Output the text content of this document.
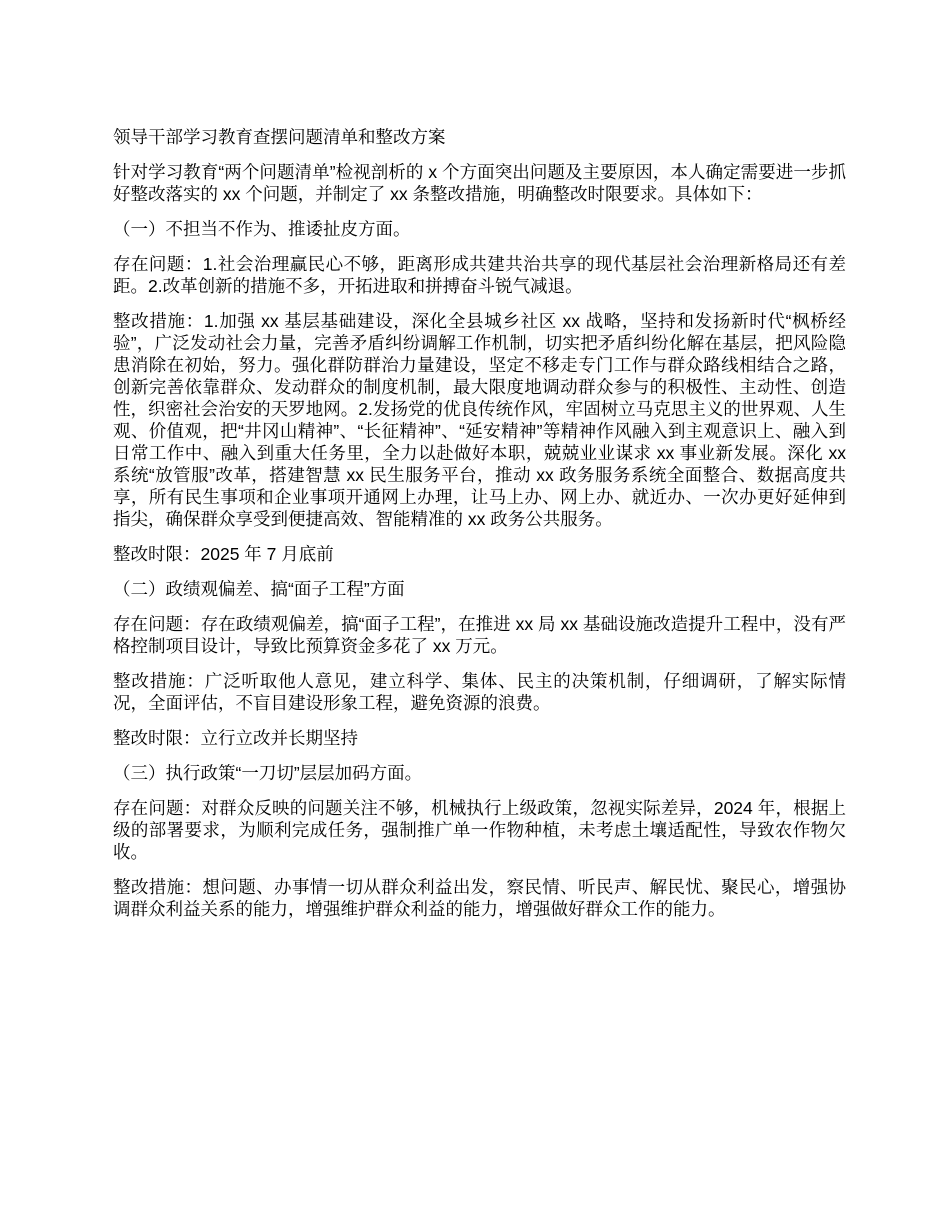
领导干部学习教育查摆问题清单和整改方案

针对学习教育“两个问题清单”检视剖析的 x 个方面突出问题及主要原因，本人确定需要进一步抓好整改落实的 xx 个问题，并制定了 xx 条整改措施，明确整改时限要求。具体如下：

（一）不担当不作为、推诿扯皮方面。

存在问题：1.社会治理赢民心不够，距离形成共建共治共享的现代基层社会治理新格局还有差距。2.改革创新的措施不多，开拓进取和拼搏奋斗锐气减退。

整改措施：1.加强 xx 基层基础建设，深化全县城乡社区 xx 战略，坚持和发扬新时代“枫桥经验”，广泛发动社会力量，完善矛盾纠纷调解工作机制，切实把矛盾纠纷化解在基层，把风险隐患消除在初始，努力。强化群防群治力量建设，坚定不移走专门工作与群众路线相结合之路，创新完善依靠群众、发动群众的制度机制，最大限度地调动群众参与的积极性、主动性、创造性，织密社会治安的天罗地网。2.发扬党的优良传统作风，牢固树立马克思主义的世界观、人生观、价值观，把“井冈山精神”、“长征精神”、“延安精神”等精神作风融入到主观意识上、融入到日常工作中、融入到重大任务里，全力以赴做好本职，兢兢业业谋求 xx 事业新发展。深化 xx 系统“放管服”改革，搭建智慧 xx 民生服务平台，推动 xx 政务服务系统全面整合、数据高度共享，所有民生事项和企业事项开通网上办理，让马上办、网上办、就近办、一次办更好延伸到指尖，确保群众享受到便捷高效、智能精准的 xx 政务公共服务。

整改时限：2025 年 7 月底前

（二）政绩观偏差、搞“面子工程”方面

存在问题：存在政绩观偏差，搞“面子工程”，在推进 xx 局 xx 基础设施改造提升工程中，没有严格控制项目设计，导致比预算资金多花了 xx 万元。

整改措施：广泛听取他人意见，建立科学、集体、民主的决策机制，仔细调研，了解实际情况，全面评估，不盲目建设形象工程，避免资源的浪费。

整改时限：立行立改并长期坚持

（三）执行政策“一刀切”层层加码方面。

存在问题：对群众反映的问题关注不够，机械执行上级政策，忽视实际差异，2024 年，根据上级的部署要求，为顺利完成任务，强制推广单一作物种植，未考虑土壤适配性，导致农作物欠收。

整改措施：想问题、办事情一切从群众利益出发，察民情、听民声、解民忧、聚民心，增强协调群众利益关系的能力，增强维护群众利益的能力，增强做好群众工作的能力。
